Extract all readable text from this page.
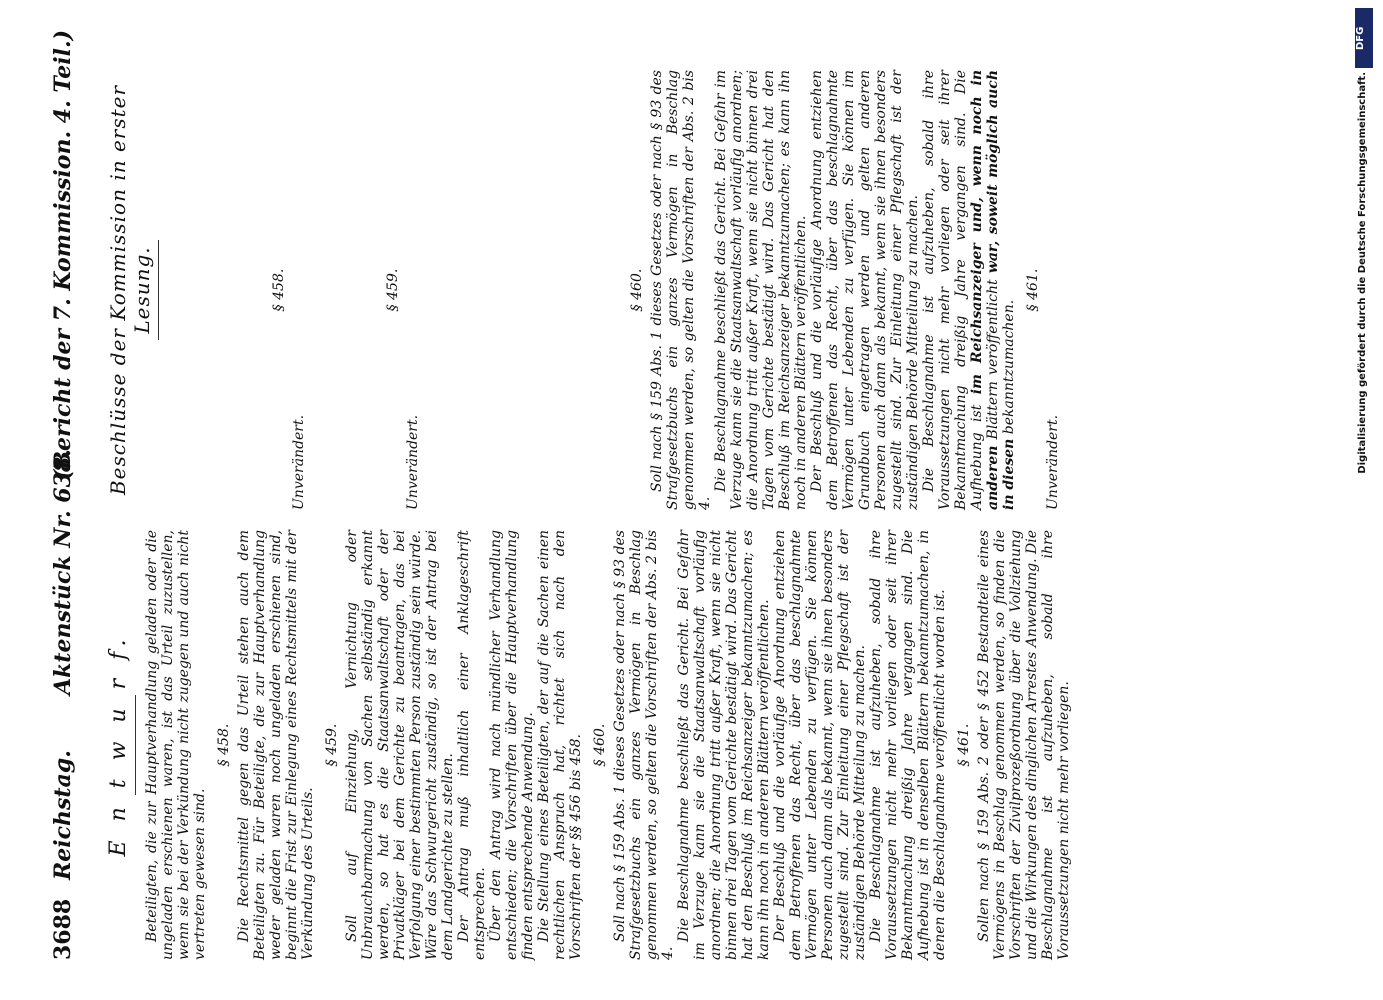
3688
Reichstag.
Aktenstück Nr. 638.
(Bericht der 7. Kommission. 4. Teil.)
E n t w u r f. Beteiligten, die zur Hauptverhandlung geladen oder die ungeladen erschienen waren, ist das Urteil zuzustellen, wenn sie bei der Verkündung nicht zugegen und auch nicht vertreten gewesen sind.

§ 458. Die Rechtsmittel gegen das Urteil stehen auch dem Beteiligten zu. Für Beteiligte, die zur Hauptverhandlung weder geladen waren noch ungeladen erschienen sind, beginnt die Frist zur Einlegung eines Rechtsmittels mit der Verkündung des Urteils.

§ 459. Soll auf Einziehung, Vernichtung oder Unbrauchbarmachung von Sachen selbständig erkannt werden, so hat es die Staatsanwaltschaft oder der Privatkläger bei dem Gerichte zu beantragen, das bei Verfolgung einer bestimmten Person zuständig sein würde. Wäre das Schwurgericht zuständig, so ist der Antrag bei dem Landgerichte zu stellen. Der Antrag muß inhaltlich einer Anklageschrift entsprechen. Über den Antrag wird nach mündlicher Verhandlung entschieden; die Vorschriften über die Hauptverhandlung finden entsprechende Anwendung. Die Stellung eines Beteiligten, der auf die Sachen einen rechtlichen Anspruch hat, richtet sich nach den Vorschriften der §§ 456 bis 458. § 460. Soll nach § 159 Abs. 1 dieses Gesetzes oder nach § 93 des Strafgesetzbuchs ein ganzes Vermögen in Beschlag genommen werden, so gelten die Vorschriften der Abs. 2 bis 4.

Die Beschlagnahme beschließt das Gericht. Bei Gefahr im Verzuge kann sie die Staatsanwaltschaft vorläufig anordnen; die Anordnung tritt außer Kraft, wenn sie nicht binnen drei Tagen vom Gerichte bestätigt wird. Das Gericht hat den Beschluß im Reichsanzeiger bekanntzumachen; es kann ihn noch in anderen Blättern veröffentlichen. Der Beschluß und die vorläufige Anordnung entziehen dem Betroffenen das Recht, über das beschlagnahmte Vermögen unter Lebenden zu verfügen. Sie können Personen auch dann als bekannt, wenn sie ihnen besonders zugestellt sind. Zur Einleitung einer Pflegschaft ist der zuständigen Behörde Mitteilung zu machen. Die Beschlagnahme ist aufzuheben, sobald ihre Voraussetzungen nicht mehr vorliegen oder seit ihrer Bekanntmachung dreißig Jahre vergangen sind. Die Aufhebung ist in denselben Blättern bekanntzumachen, in denen die Beschlagnahme veröffentlicht worden ist. § 461. Sollen nach § 159 Abs. 2 oder § 452 Bestandteile eines Vermögens in Beschlag genommen werden, so finden die Vorschriften der Zivilprozeßordnung über die Vollziehung und die Wirkungen des dinglichen Arrestes Anwendung. Die Beschlagnahme ist aufzuheben, sobald ihre Voraussetzungen nicht mehr vorliegen.

Beschlüsse der Kommission in erster Lesung.	§ 458.
Unverändert.
§ 459.
Unverändert.
§ 460. Soll nach § 159 Abs. 1 dieses Gesetzes oder nach § 93 des Strafgesetzbuchs ein ganzes Vermögen in Beschlag genommen werden, so gelten die Vorschriften der Abs. 2 bis 4.

Die Beschlagnahme beschließt das Gericht. Bei Gefahr im Verzuge kann sie die Staatsanwaltschaft vorläufig anordnen; die Anordnung tritt außer Kraft, wenn sie nicht binnen drei Tagen vom Gerichte bestätigt wird. Das Gericht hat den Beschluß im Reichsanzeiger bekanntzumachen; es kann ihn noch in anderen Blättern veröffentlichen. Der Beschluß und die vorläufige Anordnung entziehen dem Betroffenen das Recht, über das beschlagnahmte Vermögen unter Lebenden zu verfügen. Sie können im Grundbuch eingetragen werden und gelten anderen Personen auch dann als bekannt, wenn sie ihnen besonders zugestellt sind. Zur Einleitung einer Pflegschaft ist der zuständigen Behörde Mitteilung zu machen. Die Beschlagnahme ist aufzuheben, sobald ihre Voraussetzungen nicht mehr vorliegen oder seit ihrer Bekanntmachung dreißig Jahre vergangen sind. Die Aufhebung ist im Reichsanzeiger und, wenn noch in anderen Blättern veröffentlicht war, soweit möglich auch in diesen bekanntzumachen.

§ 461.
Unverändert.
DFG
Digitalisierung gefördert durch die Deutsche Forschungsgemeinschaft.
